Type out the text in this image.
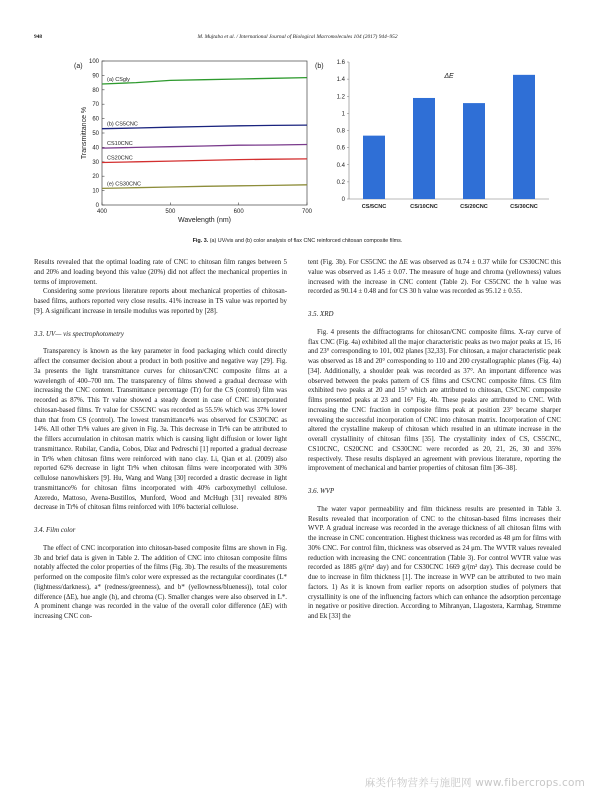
948	M. Mujtaba et al. / International Journal of Biological Macromolecules 104 (2017) 944–952
(a)	(b)
0
10
20
30
40
50
60
70
80
90
100
400	500	600	700
Wavelength (nm)
Transmittance %
(a) CSgly
(b) CS5CNC
CS10CNC
CS20CNC
(e) CS30CNC
0
0.2
0.4
0.6
0.8
1
1.2
1.4
1.6
ΔE
CS/5CNC	CS/10CNC	CS/20CNC	CS/30CNC
Fig. 3. (a) UV/vis and (b) color analysis of flax CNC reinforced chitosan composite films.

Results revealed that the optimal loading rate of CNC to chitosan film ranges between 5 and 20% and loading beyond this value (20%) did not affect the mechanical properties in terms of improvement.

Considering some previous literature reports about mechanical properties of chitosan-based films, authors reported very close results. 41% increase in TS value was reported by [9]. A significant increase in tensile modulus was reported by [28].

3.3. UV— vis spectrophotometry

Transparency is known as the key parameter in food packaging which could directly affect the consumer decision about a product in both positive and negative way [29]. Fig. 3a presents the light transmittance curves for chitosan/CNC composite films at a wavelength of 400–700 nm. The transparency of films showed a gradual decrease with increasing the CNC content. Transmittance percentage (Tr) for the CS (control) film was recorded as 87%. This Tr value showed a steady decent in case of CNC incorporated chitosan-based films. Tr value for CS5CNC was recorded as 55.5% which was 37% lower than that from CS (control). The lowest transmittance% was observed for CS30CNC as 14%. All other Tr% values are given in Fig. 3a. This decrease in Tr% can be attributed to the fillers accumulation in chitosan matrix which is causing light diffusion or lower light transmittance. Rubilar, Candia, Cobos, Díaz and Pedreschi [1] reported a gradual decrease in Tr% when chitosan films were reinforced with nano clay. Li, Qian et al. (2009) also reported 62% decrease in light Tr% when chitosan films were incorporated with 30% cellulose nanowhiskers [9]. Hu, Wang and Wang [30] recorded a drastic decrease in light transmittance% for chitosan films incorporated with 40% carboxymethyl cellulose. Azeredo, Mattoso, Avena-Bustillos, Munford, Wood and McHugh [31] revealed 80% decrease in Tr% of chitosan films reinforced with 10% bacterial cellulose.

3.4. Film color

The effect of CNC incorporation into chitosan-based composite films are shown in Fig. 3b and brief data is given in Table 2. The addition of CNC into chitosan composite films notably affected the color properties of the films (Fig. 3b). The results of the measurements performed on the composite film's color were expressed as the rectangular coordinates (L* (lightness/darkness), a* (redness/greenness), and b* (yellowness/blueness)), total color difference (ΔE), hue angle (h), and chroma (C). Smaller changes were also observed in L*. A prominent change was recorded in the value of the overall color difference (ΔE) with increasing CNC con-

tent (Fig. 3b). For CS5CNC the ΔE was observed as 0.74 ± 0.37 while for CS30CNC this value was observed as 1.45 ± 0.07. The measure of huge and chroma (yellowness) values increased with the increase in CNC content (Table 2). For CS5CNC the h value was recorded as 90.14 ± 0.48 and for CS 30 h value was recorded as 95.12 ± 0.55.

3.5. XRD

Fig. 4 presents the diffractograms for chitosan/CNC composite films. X-ray curve of flax CNC (Fig. 4a) exhibited all the major characteristic peaks as two major peaks at 15, 16 and 23° corresponding to 101, 002 planes [32,33]. For chitosan, a major characteristic peak was observed as 18 and 20° corresponding to 110 and 200 crystallographic planes (Fig. 4a) [34]. Additionally, a shoulder peak was recorded as 37°. An important difference was observed between the peaks pattern of CS films and CS/CNC composite films. CS film exhibited two peaks at 20 and 15° which are attributed to chitosan, CS/CNC composite films presented peaks at 23 and 16° Fig. 4b. These peaks are attributed to CNC. With increasing the CNC fraction in composite films peak at position 23° became sharper revealing the successful incorporation of CNC into chitosan matrix. Incorporation of CNC altered the crystalline makeup of chitosan which resulted in an ultimate increase in the overall crystallinity of chitosan films [35]. The crystallinity index of CS, CS5CNC, CS10CNC, CS20CNC and CS30CNC were recorded as 20, 21, 26, 30 and 35% respectively. These results displayed an agreement with previous literature, reporting the improvement of mechanical and barrier properties of chitosan film [36–38].

3.6. WVP

The water vapor permeability and film thickness results are presented in Table 3. Results revealed that incorporation of CNC to the chitosan-based films increases their WVP. A gradual increase was recorded in the average thickness of all chitosan films with the increase in CNC concentration. Highest thickness was recorded as 48 μm for films with 30% CNC. For control film, thickness was observed as 24 μm. The WVTR values revealed reduction with increasing the CNC concentration (Table 3). For control WVTR value was recorded as 1885 g/(m² day) and for CS30CNC 1669 g/(m² day). This decrease could be due to increase in film thickness [1]. The increase in WVP can be attributed to two main factors. 1) As it is known from earlier reports on adsorption studies of polymers that crystallinity is one of the influencing factors which can enhance the adsorption percentage in negative or positive direction. According to Mihranyan, Llagostera, Karmhag, Strømme and Ek [33] the

麻类作物营养与施肥网 www.fibercrops.com
